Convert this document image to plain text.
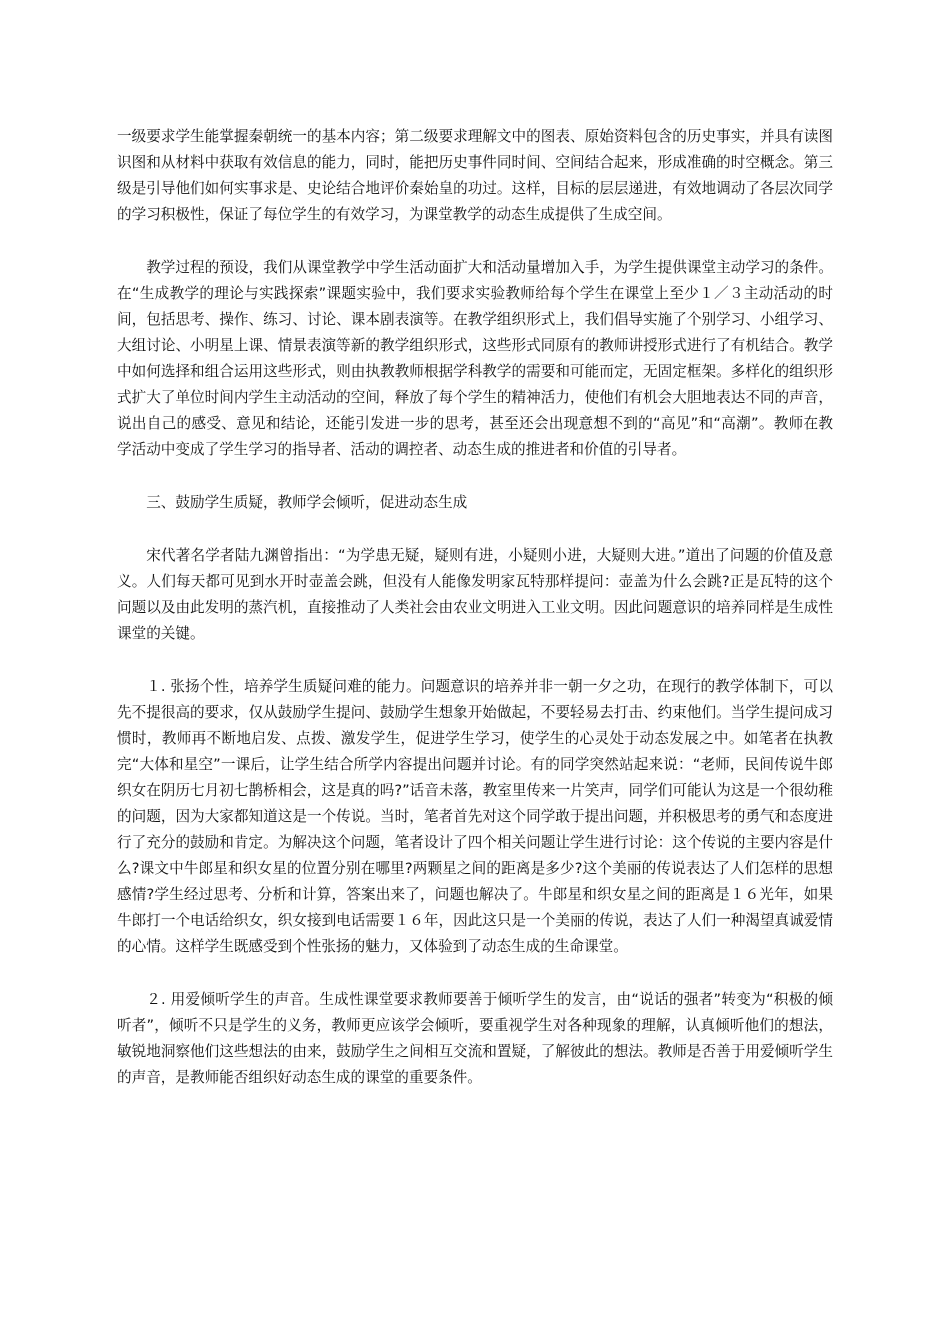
一级要求学生能掌握秦朝统一的基本内容；第二级要求理解文中的图表、原始资料包含的历史事实，并具有读图识图和从材料中获取有效信息的能力，同时，能把历史事件同时间、空间结合起来，形成准确的时空概念。第三级是引导他们如何实事求是、史论结合地评价秦始皇的功过。这样，目标的层层递进，有效地调动了各层次同学的学习积极性，保证了每位学生的有效学习，为课堂教学的动态生成提供了生成空间。

教学过程的预设，我们从课堂教学中学生活动面扩大和活动量增加入手，为学生提供课堂主动学习的条件。在“生成教学的理论与实践探索”课题实验中，我们要求实验教师给每个学生在课堂上至少１／３主动活动的时间，包括思考、操作、练习、讨论、课本剧表演等。在教学组织形式上，我们倡导实施了个别学习、小组学习、大组讨论、小明星上课、情景表演等新的教学组织形式，这些形式同原有的教师讲授形式进行了有机结合。教学中如何选择和组合运用这些形式，则由执教教师根据学科教学的需要和可能而定，无固定框架。多样化的组织形式扩大了单位时间内学生主动活动的空间，释放了每个学生的精神活力，使他们有机会大胆地表达不同的声音，说出自己的感受、意见和结论，还能引发进一步的思考，甚至还会出现意想不到的“高见”和“高潮”。教师在教学活动中变成了学生学习的指导者、活动的调控者、动态生成的推进者和价值的引导者。

三、鼓励学生质疑，教师学会倾听，促进动态生成

宋代著名学者陆九渊曾指出：“为学患无疑，疑则有进，小疑则小进，大疑则大进。”道出了问题的价值及意义。人们每天都可见到水开时壶盖会跳，但没有人能像发明家瓦特那样提问：壶盖为什么会跳?正是瓦特的这个问题以及由此发明的蒸汽机，直接推动了人类社会由农业文明进入工业文明。因此问题意识的培养同样是生成性课堂的关键。

１. 张扬个性，培养学生质疑问难的能力。问题意识的培养并非一朝一夕之功，在现行的教学体制下，可以先不提很高的要求，仅从鼓励学生提问、鼓励学生想象开始做起，不要轻易去打击、约束他们。当学生提问成习惯时，教师再不断地启发、点拨、激发学生，促进学生学习，使学生的心灵处于动态发展之中。如笔者在执教完“大体和星空”一课后，让学生结合所学内容提出问题并讨论。有的同学突然站起来说：“老师，民间传说牛郎织女在阴历七月初七鹊桥相会，这是真的吗?”话音未落，教室里传来一片笑声，同学们可能认为这是一个很幼稚的问题，因为大家都知道这是一个传说。当时，笔者首先对这个同学敢于提出问题，并积极思考的勇气和态度进行了充分的鼓励和肯定。为解决这个问题，笔者设计了四个相关问题让学生进行讨论：这个传说的主要内容是什么?课文中牛郎星和织女星的位置分别在哪里?两颗星之间的距离是多少?这个美丽的传说表达了人们怎样的思想感情?学生经过思考、分析和计算，答案出来了，问题也解决了。牛郎星和织女星之间的距离是１６光年，如果牛郎打一个电话给织女，织女接到电话需要１６年，因此这只是一个美丽的传说，表达了人们一种渴望真诚爱情的心情。这样学生既感受到个性张扬的魅力，又体验到了动态生成的生命课堂。

２. 用爱倾听学生的声音。生成性课堂要求教师要善于倾听学生的发言，由“说话的强者”转变为“积极的倾听者”，倾听不只是学生的义务，教师更应该学会倾听，要重视学生对各种现象的理解，认真倾听他们的想法，敏锐地洞察他们这些想法的由来，鼓励学生之间相互交流和置疑，了解彼此的想法。教师是否善于用爱倾听学生的声音，是教师能否组织好动态生成的课堂的重要条件。
